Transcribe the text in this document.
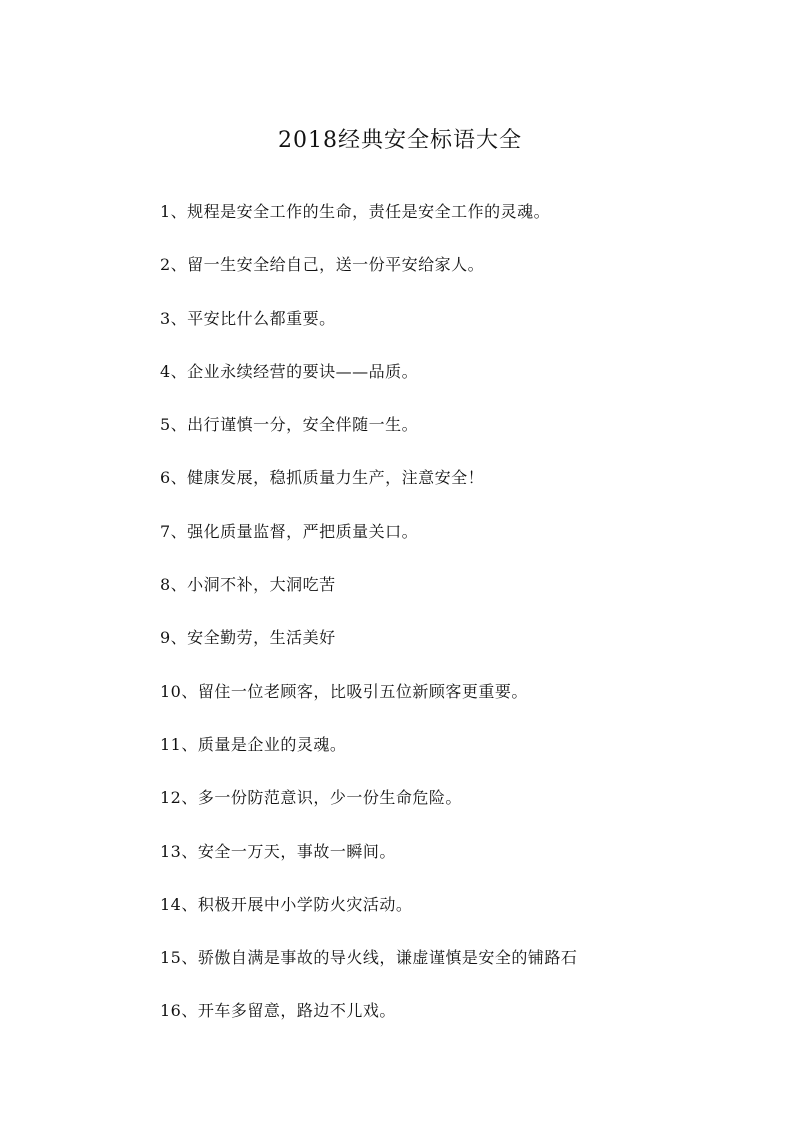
2018经典安全标语大全
1、规程是安全工作的生命，责任是安全工作的灵魂。
2、留一生安全给自己，送一份平安给家人。
3、平安比什么都重要。
4、企业永续经营的要诀——品质。
5、出行谨慎一分，安全伴随一生。
6、健康发展，稳抓质量力生产，注意安全！
7、强化质量监督，严把质量关口。
8、小洞不补，大洞吃苦
9、安全勤劳，生活美好
10、留住一位老顾客，比吸引五位新顾客更重要。
11、质量是企业的灵魂。
12、多一份防范意识，少一份生命危险。
13、安全一万天，事故一瞬间。
14、积极开展中小学防火灾活动。
15、骄傲自满是事故的导火线，谦虚谨慎是安全的铺路石
16、开车多留意，路边不儿戏。
